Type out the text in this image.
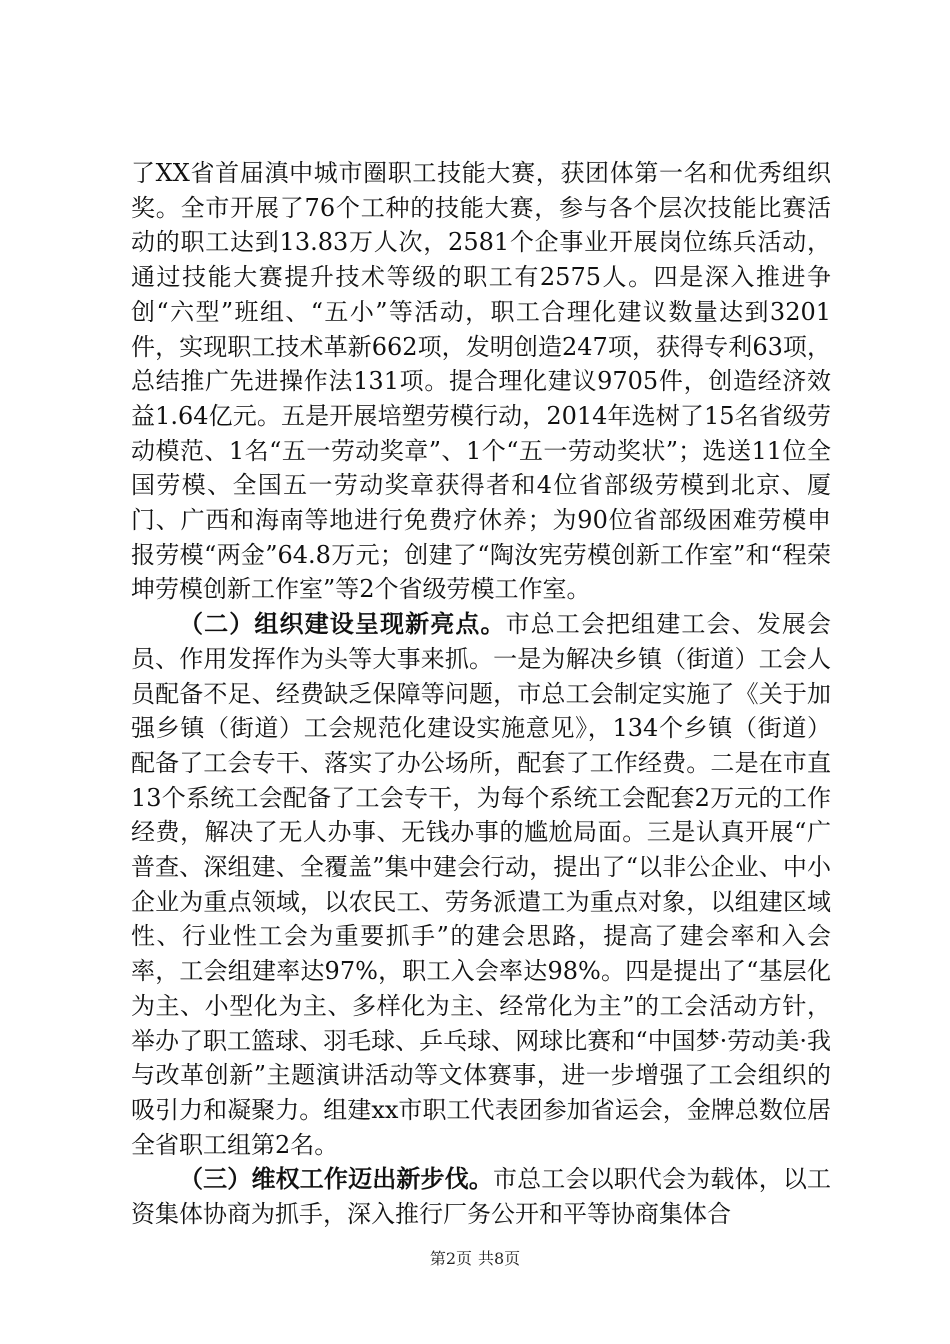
了XX省首届滇中城市圈职工技能大赛，获团体第一名和优秀组织奖。全市开展了76个工种的技能大赛，参与各个层次技能比赛活动的职工达到13.83万人次，2581个企事业开展岗位练兵活动，通过技能大赛提升技术等级的职工有2575人。四是深入推进争创“六型”班组、“五小”等活动，职工合理化建议数量达到3201件，实现职工技术革新662项，发明创造247项，获得专利63项，总结推广先进操作法131项。提合理化建议9705件，创造经济效益1.64亿元。五是开展培塑劳模行动，2014年选树了15名省级劳动模范、1名“五一劳动奖章”、1个“五一劳动奖状”；选送11位全国劳模、全国五一劳动奖章获得者和4位省部级劳模到北京、厦门、广西和海南等地进行免费疗休养；为90位省部级困难劳模申报劳模“两金”64.8万元；创建了“陶汝宪劳模创新工作室”和“程荣坤劳模创新工作室”等2个省级劳模工作室。

（二）组织建设呈现新亮点。市总工会把组建工会、发展会员、作用发挥作为头等大事来抓。一是为解决乡镇（街道）工会人员配备不足、经费缺乏保障等问题，市总工会制定实施了《关于加强乡镇（街道）工会规范化建设实施意见》，134个乡镇（街道）配备了工会专干、落实了办公场所，配套了工作经费。二是在市直13个系统工会配备了工会专干，为每个系统工会配套2万元的工作经费，解决了无人办事、无钱办事的尴尬局面。三是认真开展“广普查、深组建、全覆盖”集中建会行动，提出了“以非公企业、中小企业为重点领域，以农民工、劳务派遣工为重点对象，以组建区域性、行业性工会为重要抓手”的建会思路，提高了建会率和入会率，工会组建率达97%，职工入会率达98%。四是提出了“基层化为主、小型化为主、多样化为主、经常化为主”的工会活动方针，举办了职工篮球、羽毛球、乒乓球、网球比赛和“中国梦·劳动美·我与改革创新”主题演讲活动等文体赛事，进一步增强了工会组织的吸引力和凝聚力。组建xx市职工代表团参加省运会，金牌总数位居全省职工组第2名。

（三）维权工作迈出新步伐。市总工会以职代会为载体，以工资集体协商为抓手，深入推行厂务公开和平等协商集体合

第2页 共8页
